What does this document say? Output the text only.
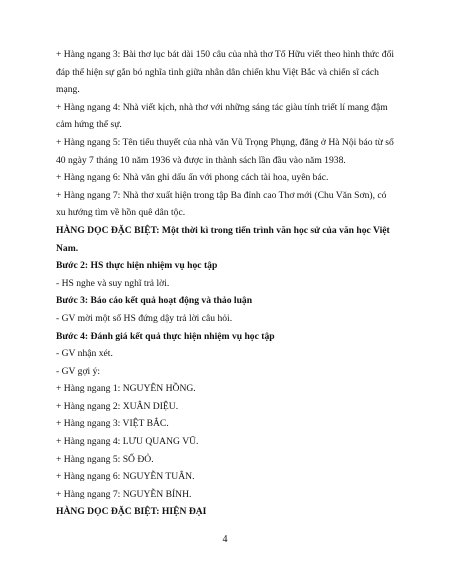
+ Hàng ngang 3: Bài thơ lục bát dài 150 câu của nhà thơ Tố Hữu viết theo hình thức đối đáp thể hiện sự gắn bó nghĩa tình giữa nhân dân chiến khu Việt Bắc và chiến sĩ cách mạng.

+ Hàng ngang 4: Nhà viết kịch, nhà thơ với những sáng tác giàu tính triết lí mang đậm cảm hứng thế sự.

+ Hàng ngang 5: Tên tiểu thuyết của nhà văn Vũ Trọng Phụng, đăng ở Hà Nội báo từ số 40 ngày 7 tháng 10 năm 1936 và được in thành sách lần đầu vào năm 1938.

+ Hàng ngang 6: Nhà văn ghi dấu ấn với phong cách tài hoa, uyên bác.

+ Hàng ngang 7: Nhà thơ xuất hiện trong tập Ba đỉnh cao Thơ mới (Chu Văn Sơn), có xu hướng tìm về hồn quê dân tộc.

HÀNG DỌC ĐẶC BIỆT: Một thời kì trong tiến trình văn học sử của văn học Việt Nam.

Bước 2: HS thực hiện nhiệm vụ học tập

- HS nghe và suy nghĩ trả lời.

Bước 3: Báo cáo kết quả hoạt động và thảo luận

- GV mời một số HS đứng dậy trả lời câu hỏi.

Bước 4: Đánh giá kết quả thực hiện nhiệm vụ học tập

- GV nhận xét.

- GV gợi ý:

+ Hàng ngang 1: NGUYÊN HỒNG.

+ Hàng ngang 2: XUÂN DIỆU.

+ Hàng ngang 3: VIỆT BẮC.

+ Hàng ngang 4: LƯU QUANG VŨ.

+ Hàng ngang 5: SỐ ĐỎ.

+ Hàng ngang 6: NGUYỄN TUÂN.

+ Hàng ngang 7: NGUYỄN BÍNH.

HÀNG DỌC ĐẶC BIỆT: HIỆN ĐẠI

4
